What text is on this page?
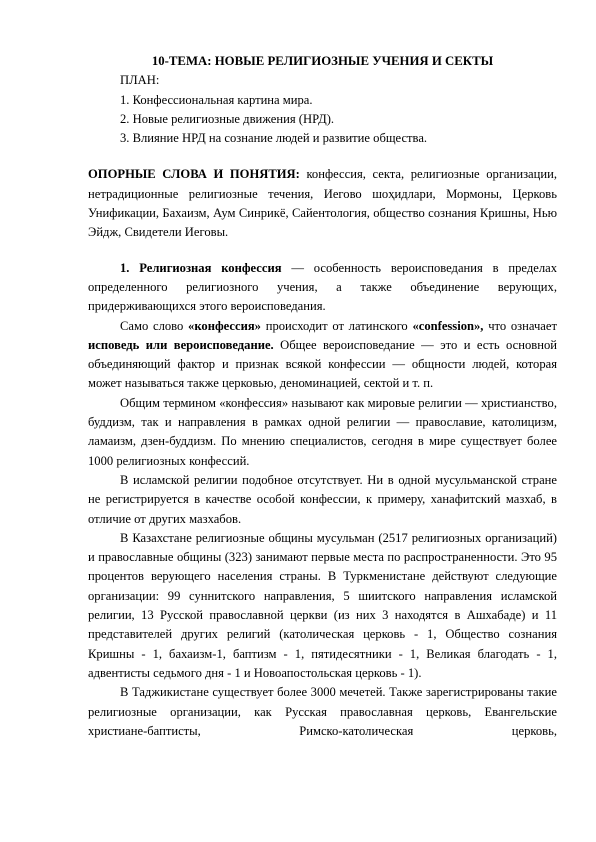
10-ТЕМА: НОВЫЕ РЕЛИГИОЗНЫЕ УЧЕНИЯ И СЕКТЫ
ПЛАН:
1. Конфессиональная картина мира.
2. Новые религиозные движения (НРД).
3. Влияние НРД на сознание людей и развитие общества.

ОПОРНЫЕ СЛОВА И ПОНЯТИЯ: конфессия, секта, религиозные организации, нетрадиционные религиозные течения, Иегово шоҳидлари, Мормоны, Церковь Унификации, Бахаизм, Аум Синрикё, Сайентология, общество сознания Кришны, Нью Эйдж, Свидетели Иеговы.

1. Религиозная конфессия — особенность вероисповедания в пределах определенного религиозного учения, а также объединение верующих, придерживающихся этого вероисповедания.

Само слово «конфессия» происходит от латинского «confession», что означает исповедь или вероисповедание. Общее вероисповедание — это и есть основной объединяющий фактор и признак всякой конфессии — общности людей, которая может называться также церковью, деноминацией, сектой и т. п.

Общим термином «конфессия» называют как мировые религии — христианство, буддизм, так и направления в рамках одной религии — православие, католицизм, ламаизм, дзен-буддизм. По мнению специалистов, сегодня в мире существует более 1000 религиозных конфессий.

В исламской религии подобное отсутствует. Ни в одной мусульманской стране не регистрируется в качестве особой конфессии, к примеру, ханафитский мазхаб, в отличие от других мазхабов.

В Казахстане религиозные общины мусульман (2517 религиозных организаций) и православные общины (323) занимают первые места по распространенности. Это 95 процентов верующего населения страны. В Туркменистане действуют следующие организации: 99 суннитского направления, 5 шиитского направления исламской религии, 13 Русской православной церкви (из них 3 находятся в Ашхабаде) и 11 представителей других религий (католическая церковь - 1, Общество сознания Кришны - 1, бахаизм-1, баптизм - 1, пятидесятники - 1, Великая благодать - 1, адвентисты седьмого дня - 1 и Новоапостольская церковь - 1).

В Таджикистане существует более 3000 мечетей. Также зарегистрированы такие религиозные организации, как Русская православная церковь, Евангельские христиане-баптисты, Римско-католическая церковь,
